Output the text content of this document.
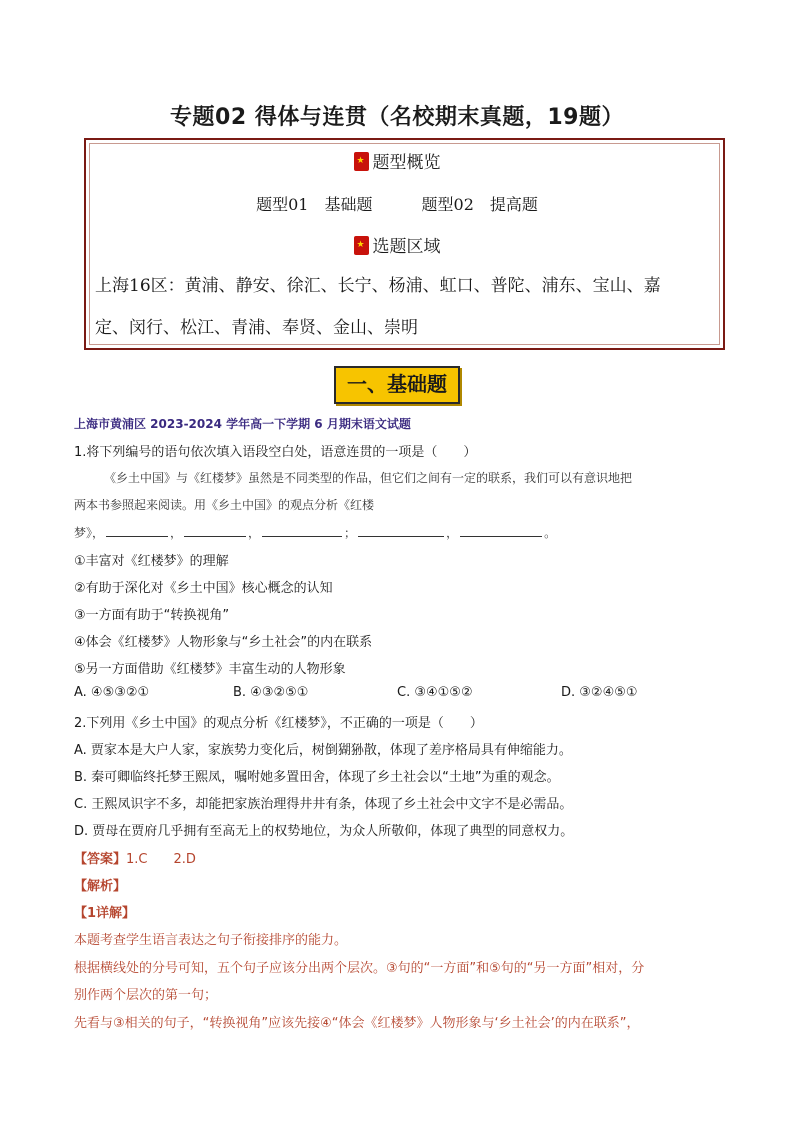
专题02 得体与连贯（名校期末真题，19题）
★题型概览
题型01　基础题	题型02　提高题
★选题区域
上海16区：黄浦、静安、徐汇、长宁、杨浦、虹口、普陀、浦东、宝山、嘉
定、闵行、松江、青浦、奉贤、金山、崇明
一、基础题
上海市黄浦区 2023-2024 学年高一下学期 6 月期末语文试题
1.将下列编号的语句依次填入语段空白处，语意连贯的一项是（　　）
《乡土中国》与《红楼梦》虽然是不同类型的作品，但它们之间有一定的联系，我们可以有意识地把
两本书参照起来阅读。用《乡土中国》的观点分析《红楼
梦》，	，	，	；	，	。
①丰富对《红楼梦》的理解
②有助于深化对《乡土中国》核心概念的认知
③一方面有助于“转换视角”
④体会《红楼梦》人物形象与“乡土社会”的内在联系
⑤另一方面借助《红楼梦》丰富生动的人物形象
A. ④⑤③②①	B. ④③②⑤①	C. ③④①⑤②	D. ③②④⑤①
2.下列用《乡土中国》的观点分析《红楼梦》，不正确的一项是（　　）
A. 贾家本是大户人家，家族势力变化后，树倒猢狲散，体现了差序格局具有伸缩能力。
B. 秦可卿临终托梦王熙凤，嘱咐她多置田舍，体现了乡土社会以“土地”为重的观念。
C. 王熙凤识字不多，却能把家族治理得井井有条，体现了乡土社会中文字不是必需品。
D. 贾母在贾府几乎拥有至高无上的权势地位，为众人所敬仰，体现了典型的同意权力。
【答案】1.C　　2.D
【解析】
【1详解】
本题考查学生语言表达之句子衔接排序的能力。
根据横线处的分号可知，五个句子应该分出两个层次。③句的“一方面”和⑤句的“另一方面”相对，分
别作两个层次的第一句；
先看与③相关的句子，“转换视角”应该先接④“体会《红楼梦》人物形象与‘乡土社会’的内在联系”，
